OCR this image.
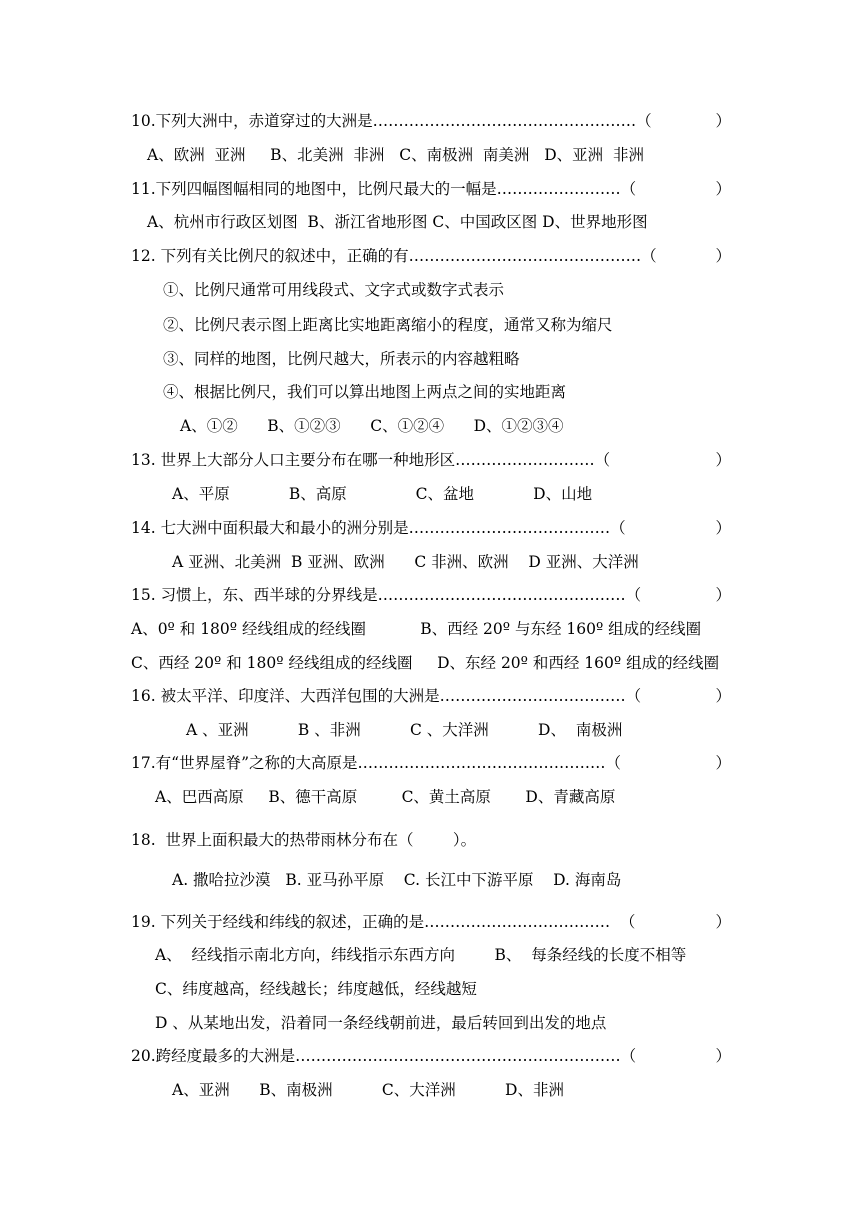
10.下列大洲中，赤道穿过的大洲是……………………………………………（	）
A、欧洲  亚洲     B、北美洲  非洲   C、南极洲  南美洲   D、亚洲  非洲
11.下列四幅图幅相同的地图中，比例尺最大的一幅是……………………（	）
A、杭州市行政区划图  B、浙江省地形图 C、中国政区图 D、世界地形图
12. 下列有关比例尺的叙述中，正确的有………………………………………（	）
①、比例尺通常可用线段式、文字式或数字式表示
②、比例尺表示图上距离比实地距离缩小的程度，通常又称为缩尺
③、同样的地图，比例尺越大，所表示的内容越粗略
④、根据比例尺，我们可以算出地图上两点之间的实地距离
A、①②      B、①②③      C、①②④      D、①②③④
13. 世界上大部分人口主要分布在哪一种地形区………………………（	）
A、平原            B、高原              C、盆地            D、山地
14. 七大洲中面积最大和最小的洲分别是…………………………………（	）
A 亚洲、北美洲  B 亚洲、欧洲      C 非洲、欧洲    D 亚洲、大洋洲
15. 习惯上，东、西半球的分界线是…………………………………………（	）
A、0º 和 180º 经线组成的经线圈           B、西经 20º 与东经 160º 组成的经线圈
C、西经 20º 和 180º 经线组成的经线圈     D、东经 20º 和西经 160º 组成的经线圈
16. 被太平洋、印度洋、大西洋包围的大洲是………………………………（	）
A 、亚洲          B 、非洲          C 、大洋洲          D、  南极洲
17.有“世界屋脊”之称的大高原是…………………………………………（	）
A、巴西高原     B、德干高原         C、黄土高原       D、青藏高原
18.  世界上面积最大的热带雨林分布在（        ）。
A. 撒哈拉沙漠   B. 亚马孙平原    C. 长江中下游平原    D. 海南岛
19. 下列关于经线和纬线的叙述，正确的是………………………………  （	）
A、  经线指示南北方向，纬线指示东西方向        B、  每条经线的长度不相等
C、纬度越高，经线越长；纬度越低，经线越短
D 、从某地出发，沿着同一条经线朝前进，最后转回到出发的地点
20.跨经度最多的大洲是………………………………………………………（	）
A、亚洲      B、南极洲          C、大洋洲          D、非洲
